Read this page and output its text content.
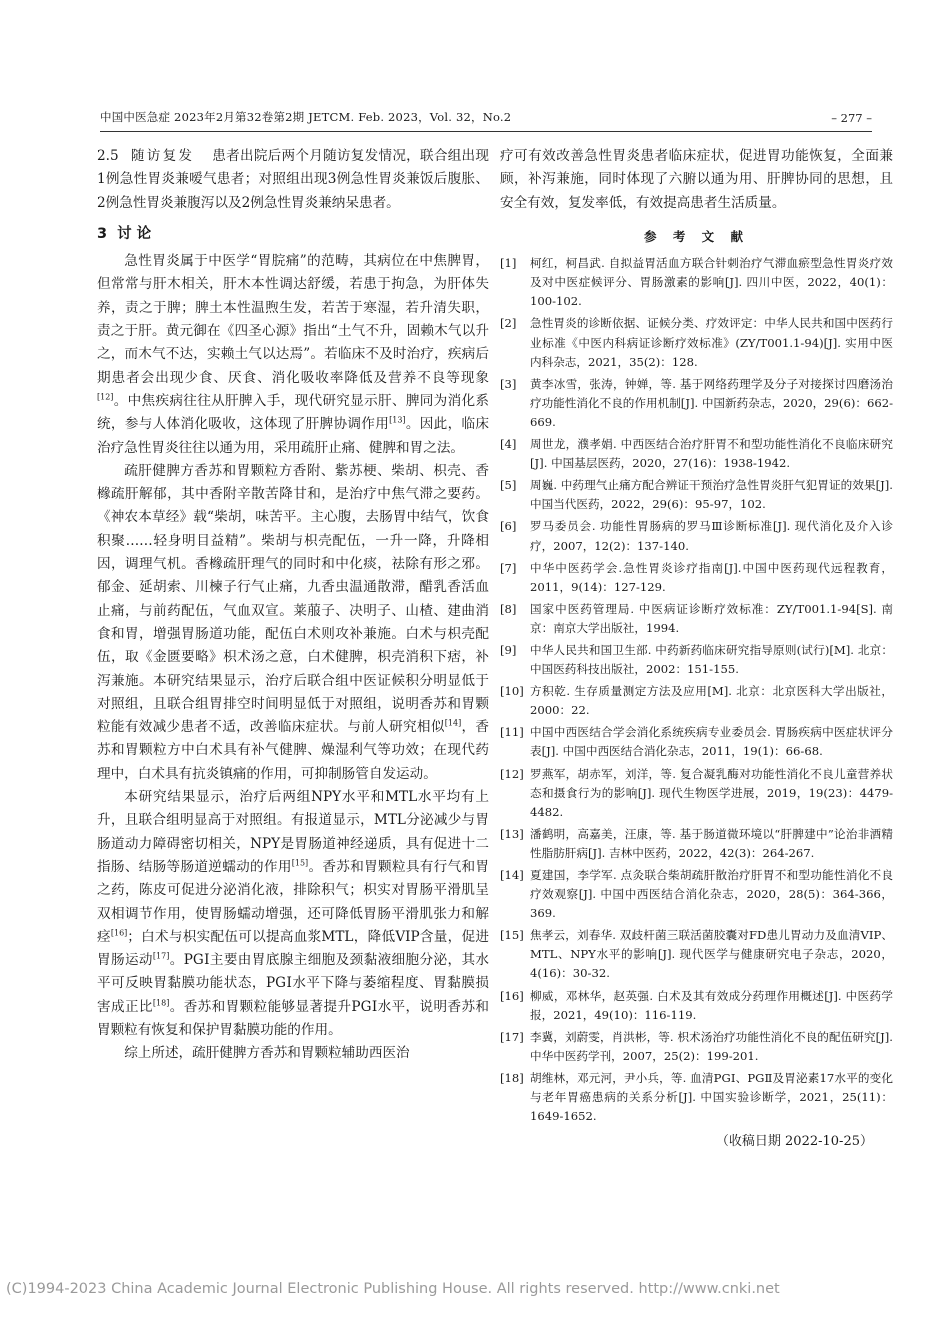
中国中医急症 2023年2月第32卷第2期 JETCM. Feb. 2023，Vol. 32，No.2	– 277 –

2.5 随访复发 患者出院后两个月随访复发情况，联合组出现1例急性胃炎兼嗳气患者；对照组出现3例急性胃炎兼饭后腹胀、2例急性胃炎兼腹泻以及2例急性胃炎兼纳呆患者。

3 讨 论

急性胃炎属于中医学“胃脘痛”的范畴，其病位在中焦脾胃，但常常与肝木相关，肝木本性调达舒缓，若患于拘急，为肝体失养，责之于脾；脾土本性温煦生发，若苦于寒湿，若升清失职，责之于肝。黄元御在《四圣心源》指出“土气不升，固赖木气以升之，而木气不达，实赖土气以达焉”。若临床不及时治疗，疾病后期患者会出现少食、厌食、消化吸收率降低及营养不良等现象[12]。中焦疾病往往从肝脾入手，现代研究显示肝、脾同为消化系统，参与人体消化吸收，这体现了肝脾协调作用[13]。因此，临床治疗急性胃炎往往以通为用，采用疏肝止痛、健脾和胃之法。

疏肝健脾方香苏和胃颗粒方香附、紫苏梗、柴胡、枳壳、香橼疏肝解郁，其中香附辛散苦降甘和，是治疗中焦气滞之要药。《神农本草经》载“柴胡，味苦平。主心腹，去肠胃中结气，饮食积聚……轻身明目益精”。柴胡与枳壳配伍，一升一降，升降相因，调理气机。香橼疏肝理气的同时和中化痰，祛除有形之邪。郁金、延胡索、川楝子行气止痛，九香虫温通散滞，醋乳香活血止痛，与前药配伍，气血双宣。莱菔子、决明子、山楂、建曲消食和胃，增强胃肠道功能，配伍白术则攻补兼施。白术与枳壳配伍，取《金匮要略》枳术汤之意，白术健脾，枳壳消积下痞，补泻兼施。本研究结果显示，治疗后联合组中医证候积分明显低于对照组，且联合组胃排空时间明显低于对照组，说明香苏和胃颗粒能有效减少患者不适，改善临床症状。与前人研究相似[14]，香苏和胃颗粒方中白术具有补气健脾、燥湿利气等功效；在现代药理中，白术具有抗炎镇痛的作用，可抑制肠管自发运动。

本研究结果显示，治疗后两组NPY水平和MTL水平均有上升，且联合组明显高于对照组。有报道显示，MTL分泌减少与胃肠道动力障碍密切相关，NPY是胃肠道神经递质，具有促进十二指肠、结肠等肠道逆蠕动的作用[15]。香苏和胃颗粒具有行气和胃之药，陈皮可促进分泌消化液，排除积气；枳实对胃肠平滑肌呈双相调节作用，使胃肠蠕动增强，还可降低胃肠平滑肌张力和解痉[16]；白术与枳实配伍可以提高血浆MTL，降低VIP含量，促进胃肠运动[17]。PGⅠ主要由胃底腺主细胞及颈黏液细胞分泌，其水平可反映胃黏膜功能状态，PGⅠ水平下降与萎缩程度、胃黏膜损害成正比[18]。香苏和胃颗粒能够显著提升PGⅠ水平，说明香苏和胃颗粒有恢复和保护胃黏膜功能的作用。

综上所述，疏肝健脾方香苏和胃颗粒辅助西医治

疗可有效改善急性胃炎患者临床症状，促进胃功能恢复，全面兼顾，补泻兼施，同时体现了六腑以通为用、肝脾协同的思想，且安全有效，复发率低，有效提高患者生活质量。

参 考 文 献
[1]	柯红，柯昌武. 自拟益胃活血方联合针刺治疗气滞血瘀型急性胃炎疗效及对中医症候评分、胃肠激素的影响[J]. 四川中医，2022，40(1)：100-102.
[2]	急性胃炎的诊断依据、证候分类、疗效评定：中华人民共和国中医药行业标准《中医内科病证诊断疗效标准》(ZY/T001.1-94)[J]. 实用中医内科杂志，2021，35(2)：128.
[3]	黄李冰雪，张涛，钟婵，等. 基于网络药理学及分子对接探讨四磨汤治疗功能性消化不良的作用机制[J]. 中国新药杂志，2020，29(6)：662-669.
[4]	周世龙，濮孝娟. 中西医结合治疗肝胃不和型功能性消化不良临床研究[J]. 中国基层医药，2020，27(16)：1938-1942.
[5]	周巍. 中药理气止痛方配合辨证干预治疗急性胃炎肝气犯胃证的效果[J]. 中国当代医药，2022，29(6)：95-97，102.
[6]	罗马委员会. 功能性胃肠病的罗马Ⅲ诊断标准[J]. 现代消化及介入诊疗，2007，12(2)：137-140.
[7]	中华中医药学会.急性胃炎诊疗指南[J].中国中医药现代远程教育，2011，9(14)：127-129.
[8]	国家中医药管理局. 中医病证诊断疗效标准：ZY/T001.1-94[S]. 南京：南京大学出版社，1994.
[9]	中华人民共和国卫生部. 中药新药临床研究指导原则(试行)[M]. 北京：中国医药科技出版社，2002：151-155.
[10] 方积乾. 生存质量测定方法及应用[M]. 北京：北京医科大学出版社，2000：22.
[11] 中国中西医结合学会消化系统疾病专业委员会. 胃肠疾病中医症状评分表[J]. 中国中西医结合消化杂志，2011，19(1)：66-68.
[12] 罗燕军，胡赤军，刘洋，等. 复合凝乳酶对功能性消化不良儿童营养状态和摄食行为的影响[J]. 现代生物医学进展，2019，19(23)：4479-4482.
[13] 潘鹤明，高嘉美，汪康，等. 基于肠道微环境以“肝脾建中”论治非酒精性脂肪肝病[J]. 吉林中医药，2022，42(3)：264-267.
[14] 夏建国，李学军. 点灸联合柴胡疏肝散治疗肝胃不和型功能性消化不良疗效观察[J]. 中国中西医结合消化杂志，2020，28(5)：364-366，369.
[15] 焦孝云，刘春华. 双歧杆菌三联活菌胶囊对FD患儿胃动力及血清VIP、MTL、NPY水平的影响[J]. 现代医学与健康研究电子杂志，2020，4(16)：30-32.
[16] 柳威，邓林华，赵英强. 白术及其有效成分药理作用概述[J]. 中医药学报，2021，49(10)：116-119.
[17] 李冀，刘蔚雯，肖洪彬，等. 枳术汤治疗功能性消化不良的配伍研究[J]. 中华中医药学刊，2007，25(2)：199-201.
[18] 胡维林，邓元河，尹小兵，等. 血清PGⅠ、PGⅡ及胃泌素17水平的变化与老年胃癌患病的关系分析[J]. 中国实验诊断学，2021，25(11)：1649-1652.
（收稿日期 2022-10-25）
(C)1994-2023 China Academic Journal Electronic Publishing House. All rights reserved. http://www.cnki.net
